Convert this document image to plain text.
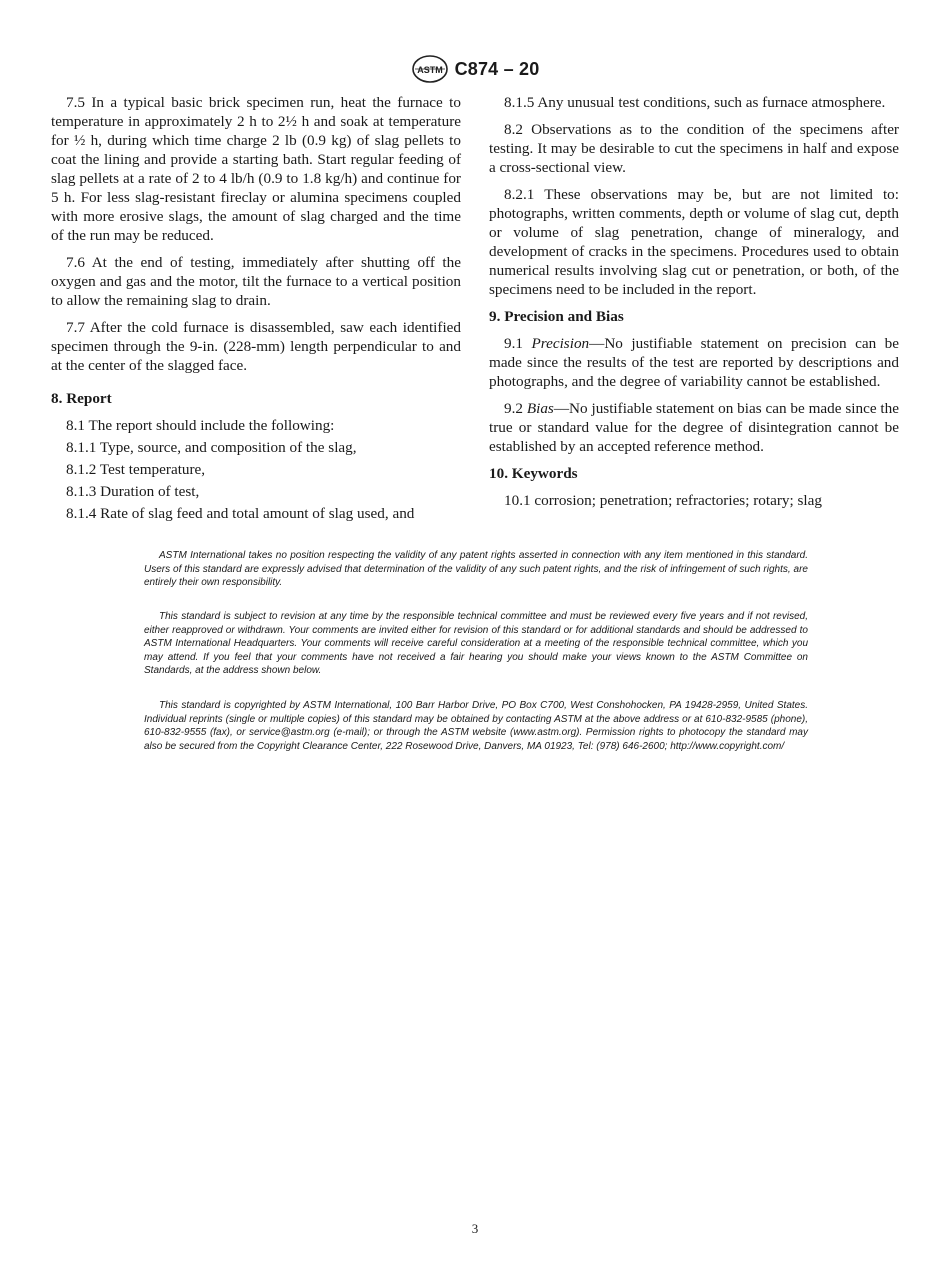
ASTM C874 – 20

7.5 In a typical basic brick specimen run, heat the furnace to temperature in approximately 2 h to 2½ h and soak at temperature for ½ h, during which time charge 2 lb (0.9 kg) of slag pellets to coat the lining and provide a starting bath. Start regular feeding of slag pellets at a rate of 2 to 4 lb/h (0.9 to 1.8 kg/h) and continue for 5 h. For less slag-resistant fireclay or alumina specimens coupled with more erosive slags, the amount of slag charged and the time of the run may be reduced.

7.6 At the end of testing, immediately after shutting off the oxygen and gas and the motor, tilt the furnace to a vertical position to allow the remaining slag to drain.

7.7 After the cold furnace is disassembled, saw each identified specimen through the 9-in. (228-mm) length perpendicular to and at the center of the slagged face.

8. Report

8.1 The report should include the following:

8.1.1 Type, source, and composition of the slag,

8.1.2 Test temperature,

8.1.3 Duration of test,

8.1.4 Rate of slag feed and total amount of slag used, and

8.1.5 Any unusual test conditions, such as furnace atmosphere.

8.2 Observations as to the condition of the specimens after testing. It may be desirable to cut the specimens in half and expose a cross-sectional view.

8.2.1 These observations may be, but are not limited to: photographs, written comments, depth or volume of slag cut, depth or volume of slag penetration, change of mineralogy, and development of cracks in the specimens. Procedures used to obtain numerical results involving slag cut or penetration, or both, of the specimens need to be included in the report.

9. Precision and Bias

9.1 Precision—No justifiable statement on precision can be made since the results of the test are reported by descriptions and photographs, and the degree of variability cannot be established.

9.2 Bias—No justifiable statement on bias can be made since the true or standard value for the degree of disintegration cannot be established by an accepted reference method.

10. Keywords

10.1 corrosion; penetration; refractories; rotary; slag

ASTM International takes no position respecting the validity of any patent rights asserted in connection with any item mentioned in this standard. Users of this standard are expressly advised that determination of the validity of any such patent rights, and the risk of infringement of such rights, are entirely their own responsibility.

This standard is subject to revision at any time by the responsible technical committee and must be reviewed every five years and if not revised, either reapproved or withdrawn. Your comments are invited either for revision of this standard or for additional standards and should be addressed to ASTM International Headquarters. Your comments will receive careful consideration at a meeting of the responsible technical committee, which you may attend. If you feel that your comments have not received a fair hearing you should make your views known to the ASTM Committee on Standards, at the address shown below.

This standard is copyrighted by ASTM International, 100 Barr Harbor Drive, PO Box C700, West Conshohocken, PA 19428-2959, United States. Individual reprints (single or multiple copies) of this standard may be obtained by contacting ASTM at the above address or at 610-832-9585 (phone), 610-832-9555 (fax), or service@astm.org (e-mail); or through the ASTM website (www.astm.org). Permission rights to photocopy the standard may also be secured from the Copyright Clearance Center, 222 Rosewood Drive, Danvers, MA 01923, Tel: (978) 646-2600; http://www.copyright.com/

3
